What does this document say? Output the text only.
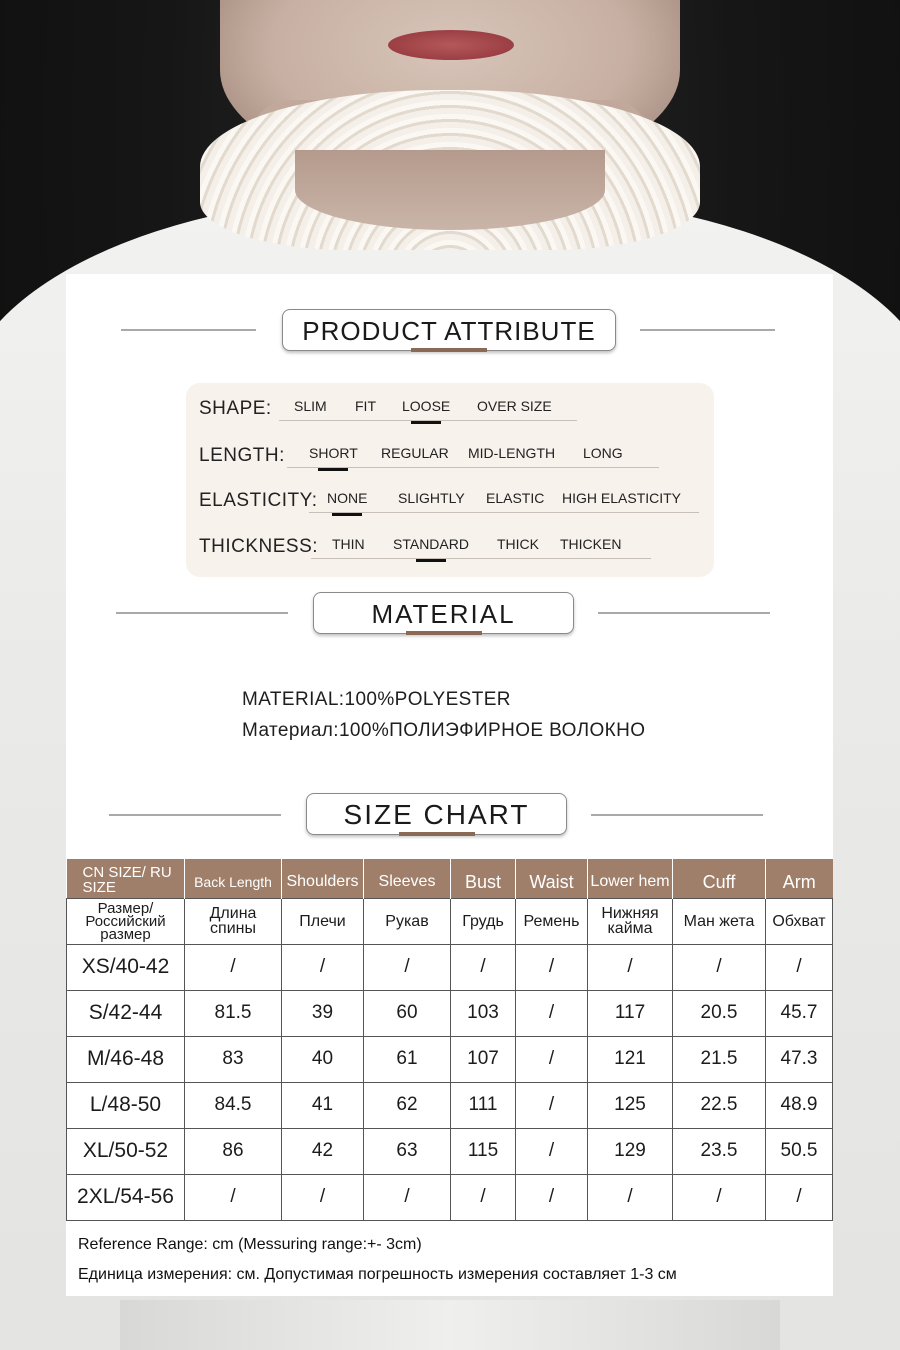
PRODUCT ATTRIBUTE
SHAPE: SLIM FIT LOOSE OVER SIZE
LENGTH: SHORT REGULAR MID-LENGTH LONG
ELASTICITY: NONE SLIGHTLY ELASTIC HIGH ELASTICITY
THICKNESS: THIN STANDARD THICK THICKEN
MATERIAL
MATERIAL:100%POLYESTER
Материал:100%ПОЛИЭФИРНОЕ ВОЛОКНО
SIZE CHART
CN SIZE/ RU SIZE	Back Length	Shoulders	Sleeves	Bust	Waist	Lower hem	Cuff	Arm
Размер/ Российский размер	Длина спины	Плечи	Рукав	Грудь	Ремень	Нижняя кайма	Ман жета	Обхват
XS/40-42	/	/	/	/	/	/	/	/
S/42-44	81.5	39	60	103	/	117	20.5	45.7
M/46-48	83	40	61	107	/	121	21.5	47.3
L/48-50	84.5	41	62	111	/	125	22.5	48.9
XL/50-52	86	42	63	115	/	129	23.5	50.5
2XL/54-56	/	/	/	/	/	/	/	/
Reference Range: cm (Messuring range:+- 3cm)
Единица измерения: см. Допустимая погрешность измерения составляет 1-3 см
